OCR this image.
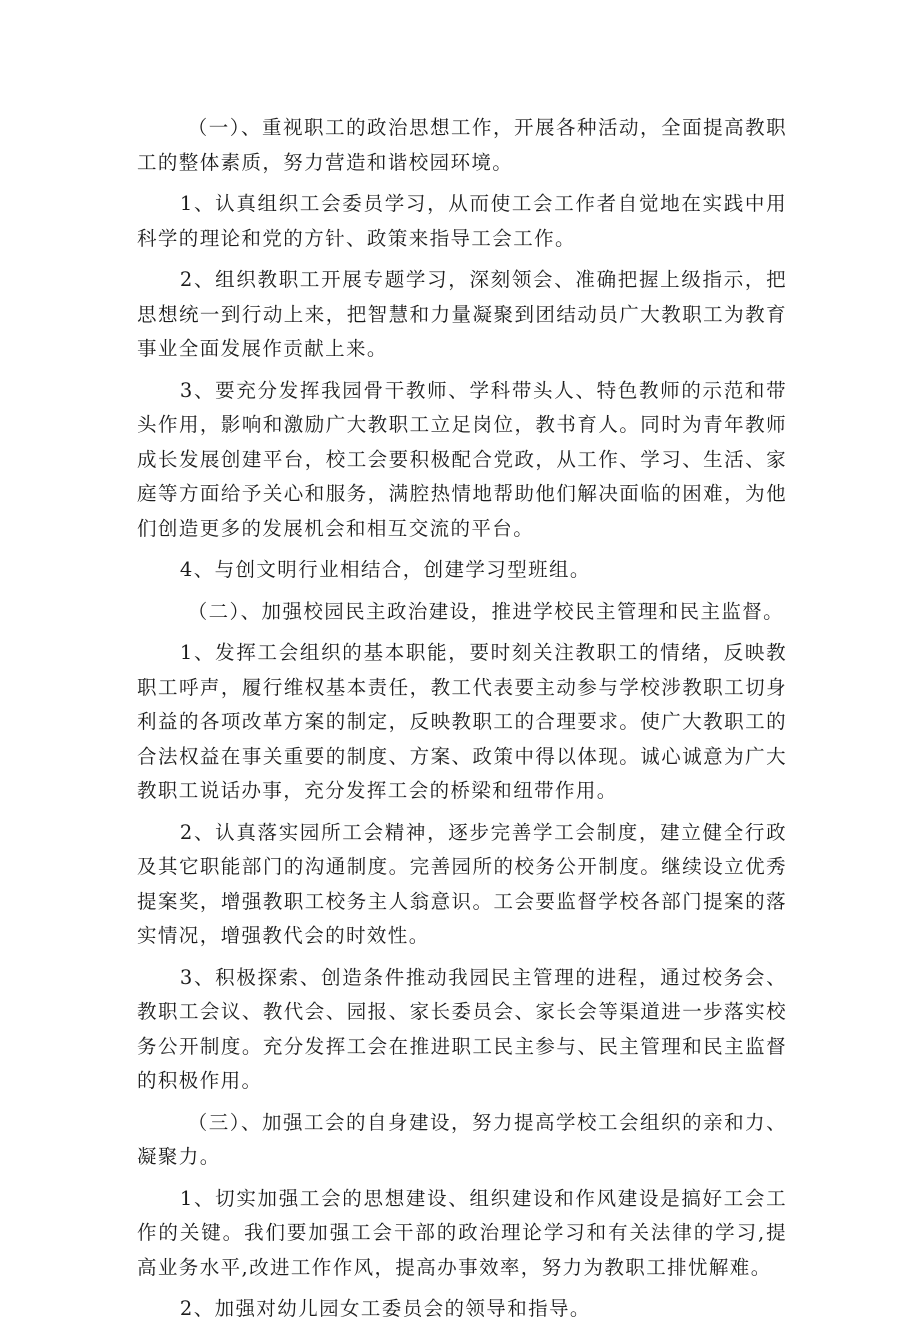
（一）、重视职工的政治思想工作，开展各种活动，全面提高教职工的整体素质，努力营造和谐校园环境。

1、认真组织工会委员学习，从而使工会工作者自觉地在实践中用科学的理论和党的方针、政策来指导工会工作。

2、组织教职工开展专题学习，深刻领会、准确把握上级指示，把思想统一到行动上来，把智慧和力量凝聚到团结动员广大教职工为教育事业全面发展作贡献上来。

3、要充分发挥我园骨干教师、学科带头人、特色教师的示范和带头作用，影响和激励广大教职工立足岗位，教书育人。同时为青年教师成长发展创建平台，校工会要积极配合党政，从工作、学习、生活、家庭等方面给予关心和服务，满腔热情地帮助他们解决面临的困难，为他们创造更多的发展机会和相互交流的平台。

4、与创文明行业相结合，创建学习型班组。

（二）、加强校园民主政治建设，推进学校民主管理和民主监督。

1、发挥工会组织的基本职能，要时刻关注教职工的情绪，反映教职工呼声，履行维权基本责任，教工代表要主动参与学校涉教职工切身利益的各项改革方案的制定，反映教职工的合理要求。使广大教职工的合法权益在事关重要的制度、方案、政策中得以体现。诚心诚意为广大教职工说话办事，充分发挥工会的桥梁和纽带作用。

2、认真落实园所工会精神，逐步完善学工会制度，建立健全行政及其它职能部门的沟通制度。完善园所的校务公开制度。继续设立优秀提案奖，增强教职工校务主人翁意识。工会要监督学校各部门提案的落实情况，增强教代会的时效性。

3、积极探索、创造条件推动我园民主管理的进程，通过校务会、教职工会议、教代会、园报、家长委员会、家长会等渠道进一步落实校务公开制度。充分发挥工会在推进职工民主参与、民主管理和民主监督的积极作用。

（三）、加强工会的自身建设，努力提高学校工会组织的亲和力、凝聚力。

1、切实加强工会的思想建设、组织建设和作风建设是搞好工会工作的关键。我们要加强工会干部的政治理论学习和有关法律的学习,提高业务水平,改进工作作风，提高办事效率，努力为教职工排忧解难。

2、加强对幼儿园女工委员会的领导和指导。
